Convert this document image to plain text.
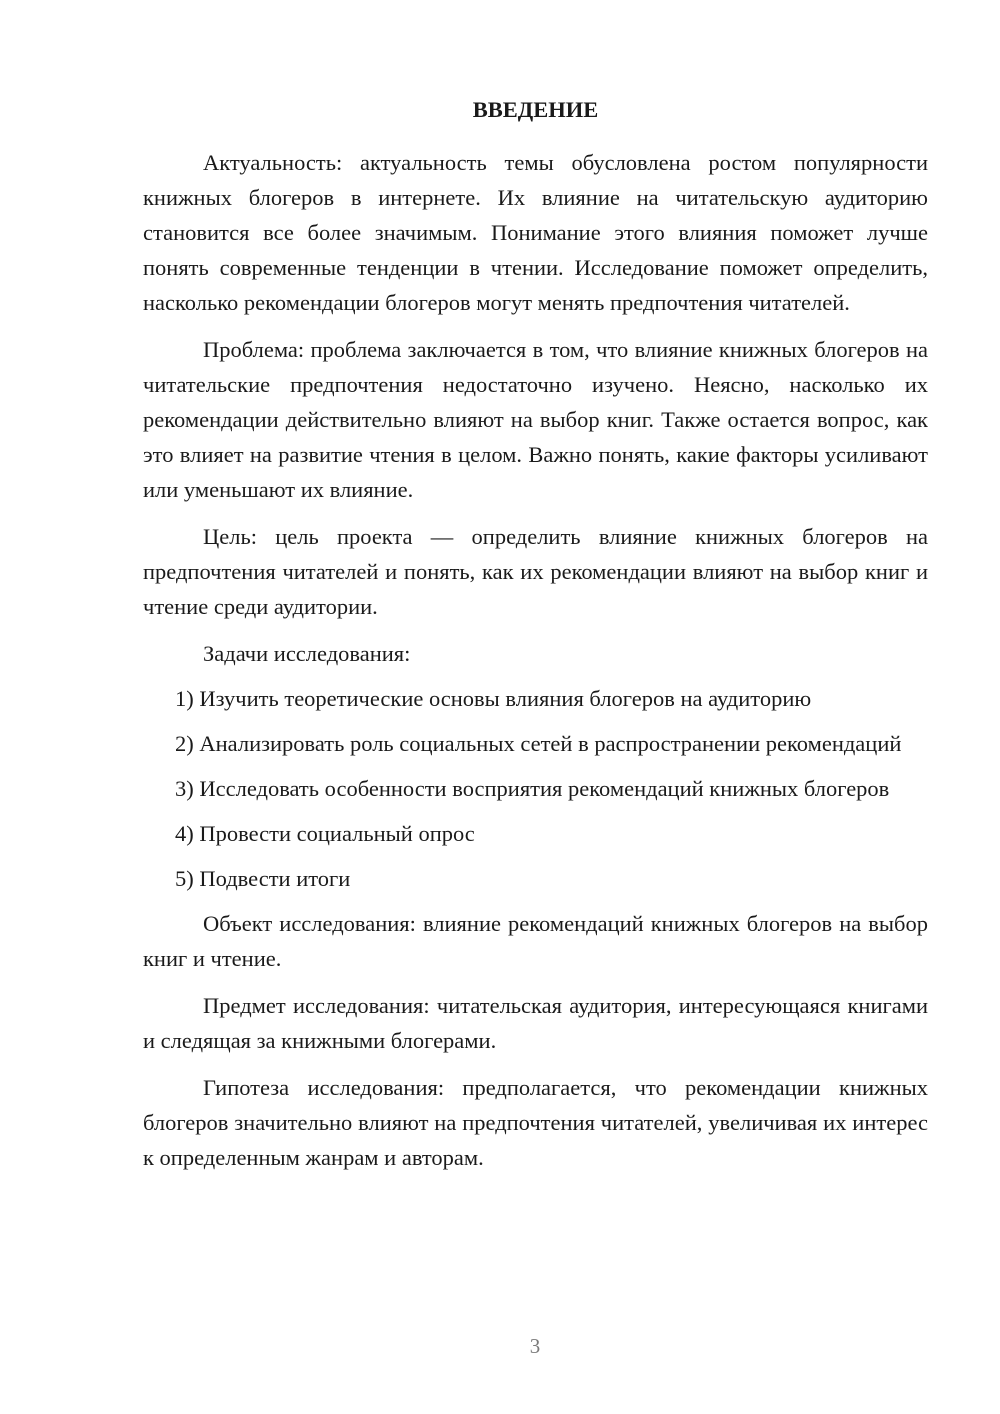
ВВЕДЕНИЕ

Актуальность: актуальность темы обусловлена ростом популярности книжных блогеров в интернете. Их влияние на читательскую аудиторию становится все более значимым. Понимание этого влияния поможет лучше понять современные тенденции в чтении. Исследование поможет определить, насколько рекомендации блогеров могут менять предпочтения читателей.

Проблема: проблема заключается в том, что влияние книжных блогеров на читательские предпочтения недостаточно изучено. Неясно, насколько их рекомендации действительно влияют на выбор книг. Также остается вопрос, как это влияет на развитие чтения в целом. Важно понять, какие факторы усиливают или уменьшают их влияние.

Цель: цель проекта — определить влияние книжных блогеров на предпочтения читателей и понять, как их рекомендации влияют на выбор книг и чтение среди аудитории.

Задачи исследования:

1) Изучить теоретические основы влияния блогеров на аудиторию

2) Анализировать роль социальных сетей в распространении рекомендаций

3) Исследовать особенности восприятия рекомендаций книжных блогеров

4) Провести социальный опрос

5) Подвести итоги

Объект исследования: влияние рекомендаций книжных блогеров на выбор книг и чтение.

Предмет исследования: читательская аудитория, интересующаяся книгами и следящая за книжными блогерами.

Гипотеза исследования: предполагается, что рекомендации книжных блогеров значительно влияют на предпочтения читателей, увеличивая их интерес к определенным жанрам и авторам.

3
